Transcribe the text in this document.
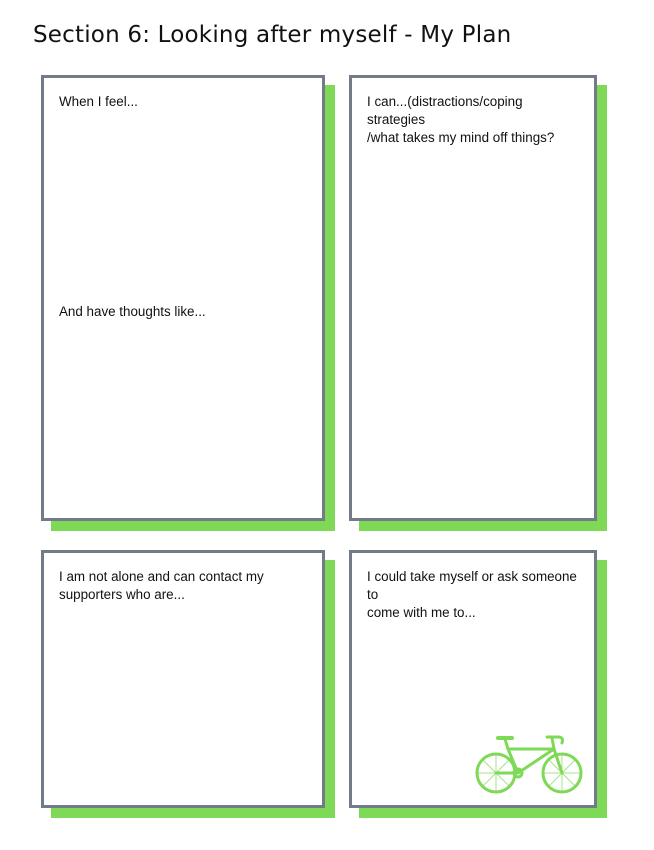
Section 6: Looking after myself - My Plan
When I feel...
And have thoughts like...
I can...(distractions/coping strategies
/what takes my mind off things?
I am not alone and can contact my
supporters who are...
I could take myself or ask someone to
come with me to...
